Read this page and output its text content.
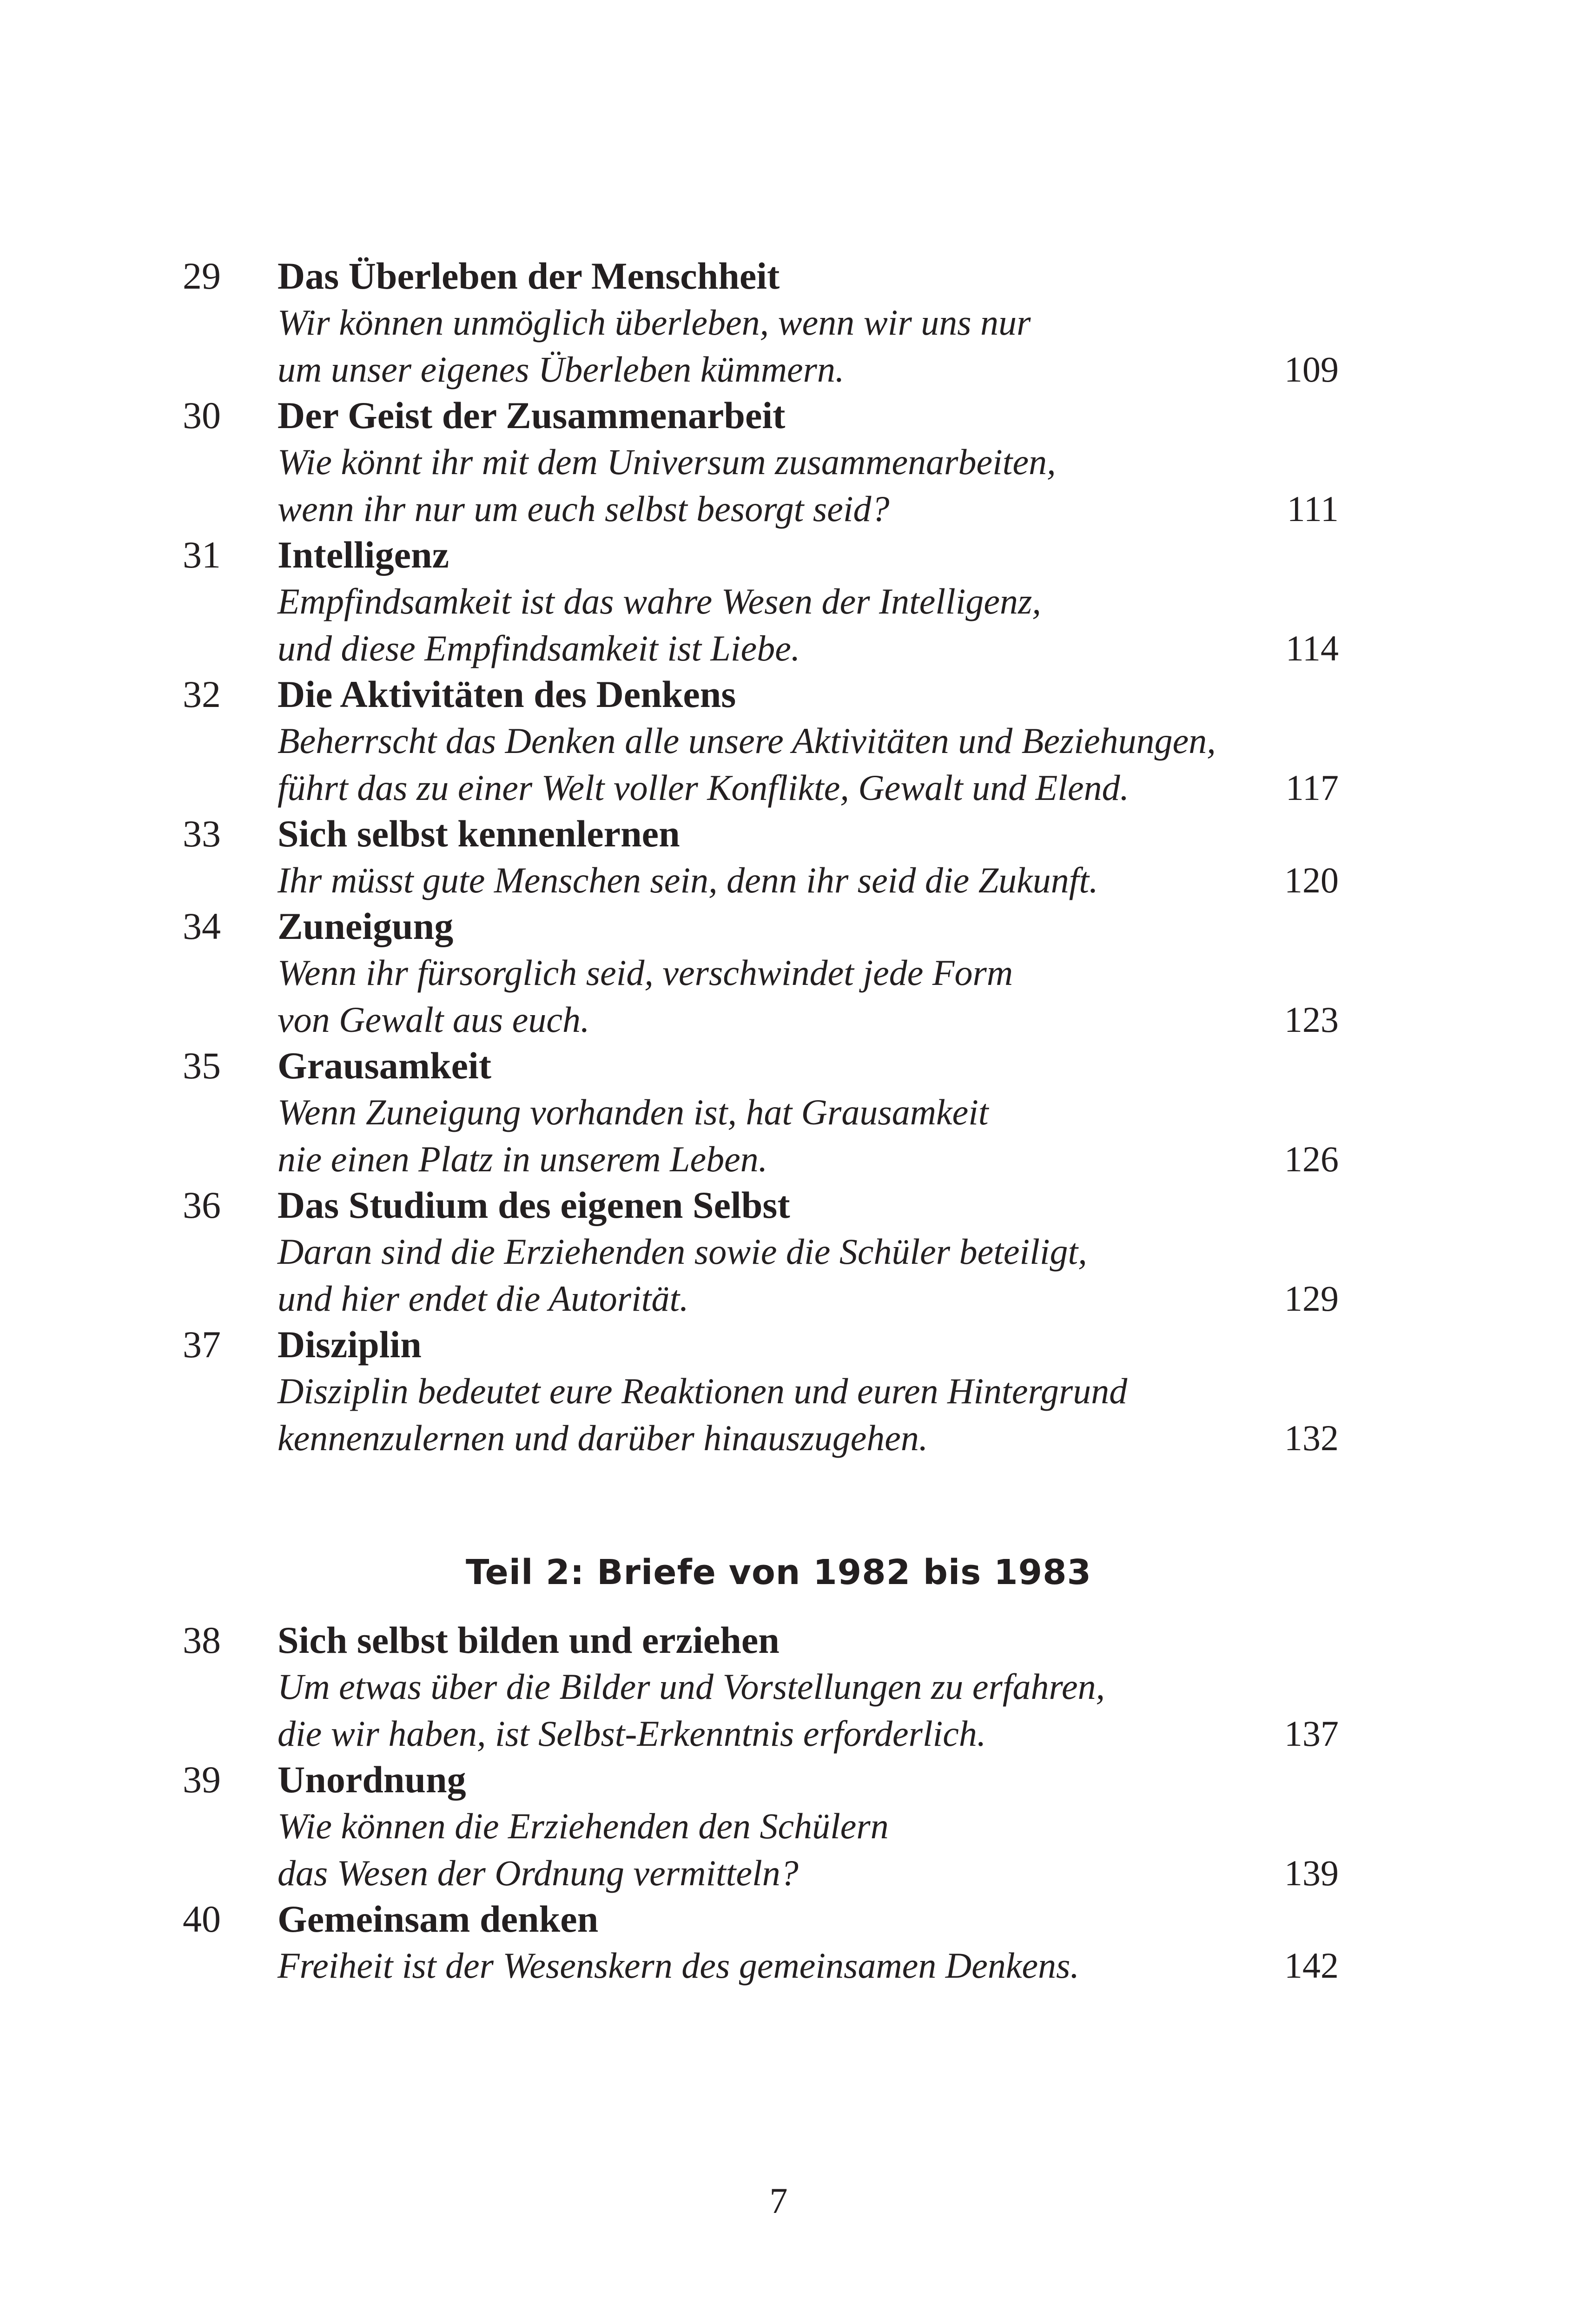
29 Das Überleben der Menschheit
Wir können unmöglich überleben, wenn wir uns nur
um unser eigenes Überleben kümmern.	109
30 Der Geist der Zusammenarbeit
Wie könnt ihr mit dem Universum zusammenarbeiten,
wenn ihr nur um euch selbst besorgt seid?	111
31 Intelligenz
Empfindsamkeit ist das wahre Wesen der Intelligenz,
und diese Empfindsamkeit ist Liebe.	114
32 Die Aktivitäten des Denkens
Beherrscht das Denken alle unsere Aktivitäten und Beziehungen,
führt das zu einer Welt voller Konflikte, Gewalt und Elend.	117
33 Sich selbst kennenlernen
Ihr müsst gute Menschen sein, denn ihr seid die Zukunft.	120
34 Zuneigung
Wenn ihr fürsorglich seid, verschwindet jede Form
von Gewalt aus euch.	123
35 Grausamkeit
Wenn Zuneigung vorhanden ist, hat Grausamkeit
nie einen Platz in unserem Leben.	126
36 Das Studium des eigenen Selbst
Daran sind die Erziehenden sowie die Schüler beteiligt,
und hier endet die Autorität.	129
37 Disziplin
Disziplin bedeutet eure Reaktionen und euren Hintergrund
kennenzulernen und darüber hinauszugehen.	132
Teil 2: Briefe von 1982 bis 1983
38 Sich selbst bilden und erziehen
Um etwas über die Bilder und Vorstellungen zu erfahren,
die wir haben, ist Selbst-Erkenntnis erforderlich.	137
39 Unordnung
Wie können die Erziehenden den Schülern
das Wesen der Ordnung vermitteln?	139
40 Gemeinsam denken
Freiheit ist der Wesenskern des gemeinsamen Denkens.	142
7
